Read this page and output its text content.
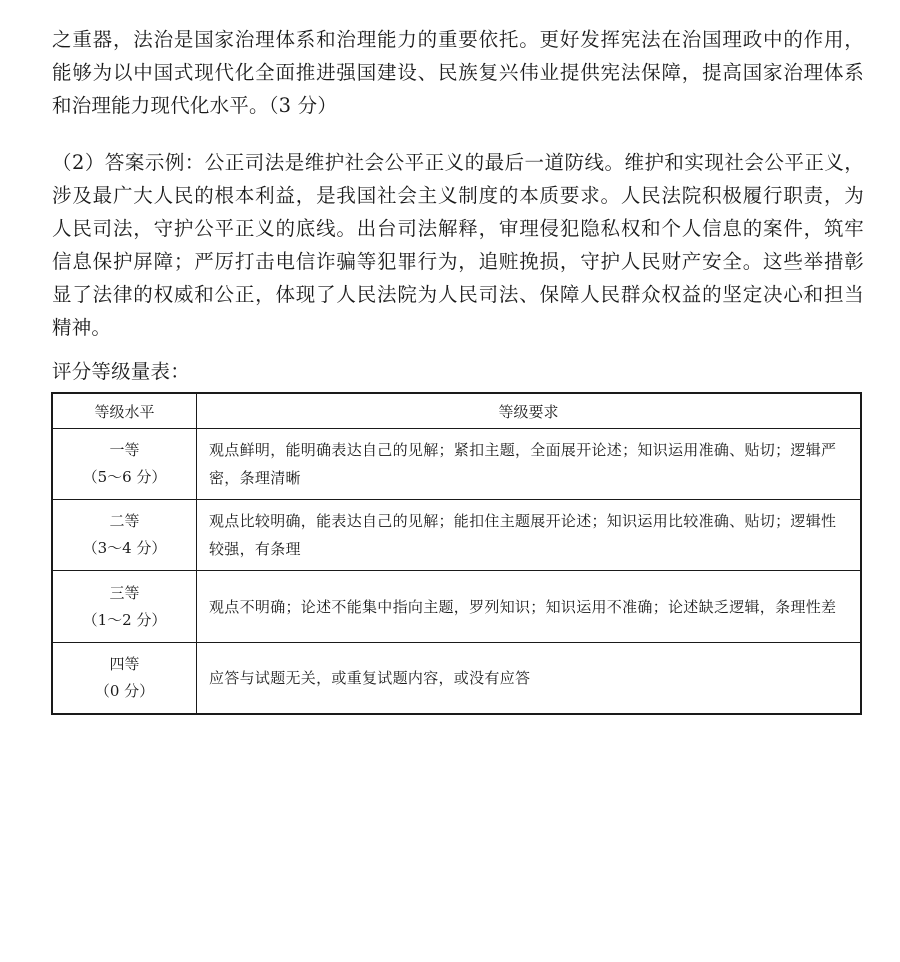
之重器，法治是国家治理体系和治理能力的重要依托。更好发挥宪法在治国理政中的作用，
能够为以中国式现代化全面推进强国建设、民族复兴伟业提供宪法保障，提高国家治理体系
和治理能力现代化水平。（3 分）
（2）答案示例：公正司法是维护社会公平正义的最后一道防线。维护和实现社会公平正义，
涉及最广大人民的根本利益，是我国社会主义制度的本质要求。人民法院积极履行职责，为
人民司法，守护公平正义的底线。出台司法解释，审理侵犯隐私权和个人信息的案件，筑牢
信息保护屏障；严厉打击电信诈骗等犯罪行为，追赃挽损，守护人民财产安全。这些举措彰
显了法律的权威和公正，体现了人民法院为人民司法、保障人民群众权益的坚定决心和担当
精神。
评分等级量表：
等级水平	等级要求

一等
（5～6 分）	观点鲜明，能明确表达自己的见解；紧扣主题，全面展开论述；知识运用准确、贴切；逻辑严密，条理清晰

二等
（3～4 分）	观点比较明确，能表达自己的见解；能扣住主题展开论述；知识运用比较准确、贴切；逻辑性较强，有条理

三等
（1～2 分）	观点不明确；论述不能集中指向主题，罗列知识；知识运用不准确；论述缺乏逻辑，条理性差

四等
（0 分）	应答与试题无关，或重复试题内容，或没有应答
